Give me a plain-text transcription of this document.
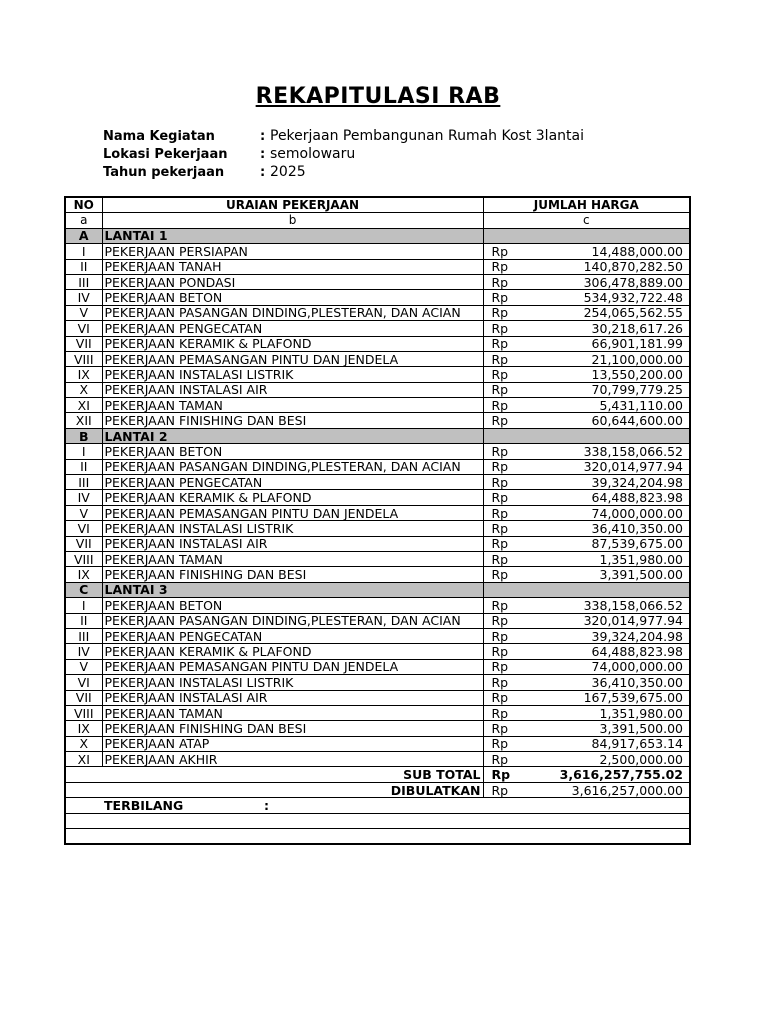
REKAPITULASI RAB
Nama Kegiatan	: Pekerjaan Pembangunan Rumah Kost 3lantai
Lokasi Pekerjaan	: semolowaru
Tahun pekerjaan	: 2025
NO	URAIAN PEKERJAAN	JUMLAH HARGA
a	b	c
A	LANTAI 1	
I	PEKERJAAN PERSIAPAN	Rp 14,488,000.00

II	PEKERJAAN TANAH	Rp 140,870,282.50

III	PEKERJAAN PONDASI	Rp 306,478,889.00

IV	PEKERJAAN BETON	Rp 534,932,722.48

V	PEKERJAAN PASANGAN DINDING,PLESTERAN, DAN ACIAN	Rp 254,065,562.55

VI	PEKERJAAN PENGECATAN	Rp 30,218,617.26

VII	PEKERJAAN KERAMIK & PLAFOND	Rp 66,901,181.99

VIII	PEKERJAAN PEMASANGAN PINTU DAN JENDELA	Rp 21,100,000.00

IX	PEKERJAAN INSTALASI LISTRIK	Rp 13,550,200.00

X	PEKERJAAN INSTALASI AIR	Rp 70,799,779.25

XI	PEKERJAAN TAMAN	Rp 5,431,110.00

XII	PEKERJAAN FINISHING DAN BESI	Rp 60,644,600.00

B	LANTAI 2	
I	PEKERJAAN BETON	Rp 338,158,066.52

II	PEKERJAAN PASANGAN DINDING,PLESTERAN, DAN ACIAN	Rp 320,014,977.94

III	PEKERJAAN PENGECATAN	Rp 39,324,204.98

IV	PEKERJAAN KERAMIK & PLAFOND	Rp 64,488,823.98

V	PEKERJAAN PEMASANGAN PINTU DAN JENDELA	Rp 74,000,000.00

VI	PEKERJAAN INSTALASI LISTRIK	Rp 36,410,350.00

VII	PEKERJAAN INSTALASI AIR	Rp 87,539,675.00

VIII	PEKERJAAN TAMAN	Rp 1,351,980.00

IX	PEKERJAAN FINISHING DAN BESI	Rp 3,391,500.00

C	LANTAI 3	
I	PEKERJAAN BETON	Rp 338,158,066.52

II	PEKERJAAN PASANGAN DINDING,PLESTERAN, DAN ACIAN	Rp 320,014,977.94

III	PEKERJAAN PENGECATAN	Rp 39,324,204.98

IV	PEKERJAAN KERAMIK & PLAFOND	Rp 64,488,823.98

V	PEKERJAAN PEMASANGAN PINTU DAN JENDELA	Rp 74,000,000.00

VI	PEKERJAAN INSTALASI LISTRIK	Rp 36,410,350.00

VII	PEKERJAAN INSTALASI AIR	Rp 167,539,675.00

VIII	PEKERJAAN TAMAN	Rp 1,351,980.00

IX	PEKERJAAN FINISHING DAN BESI	Rp 3,391,500.00

X	PEKERJAAN ATAP	Rp 84,917,653.14

XI	PEKERJAAN AKHIR	Rp 2,500,000.00

SUB TOTAL		Rp 3,616,257,755.02

DIBULATKAN		Rp 3,616,257,000.00

TERBILANG :		
